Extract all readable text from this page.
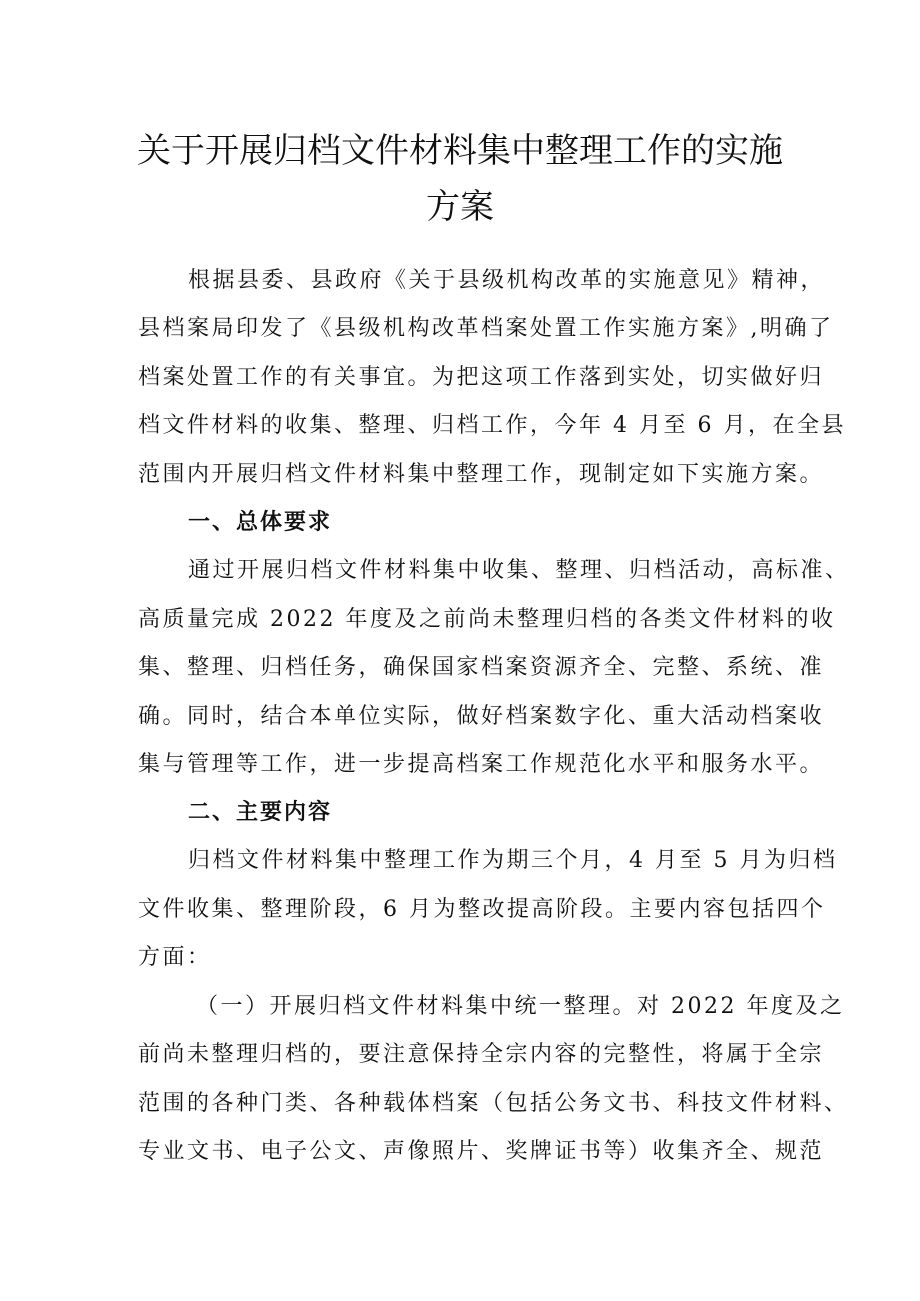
关于开展归档文件材料集中整理工作的实施
方案
根据县委、县政府《关于县级机构改革的实施意见》精神，
县档案局印发了《县级机构改革档案处置工作实施方案》,明确了
档案处置工作的有关事宜。为把这项工作落到实处，切实做好归
档文件材料的收集、整理、归档工作，今年 4 月至 6 月，在全县
范围内开展归档文件材料集中整理工作，现制定如下实施方案。
一、总体要求
通过开展归档文件材料集中收集、整理、归档活动，高标准、
高质量完成 2022 年度及之前尚未整理归档的各类文件材料的收
集、整理、归档任务，确保国家档案资源齐全、完整、系统、准
确。同时，结合本单位实际，做好档案数字化、重大活动档案收
集与管理等工作，进一步提高档案工作规范化水平和服务水平。
二、主要内容
归档文件材料集中整理工作为期三个月，4 月至 5 月为归档
文件收集、整理阶段，6 月为整改提高阶段。主要内容包括四个
方面：
（一）开展归档文件材料集中统一整理。对 2022 年度及之
前尚未整理归档的，要注意保持全宗内容的完整性，将属于全宗
范围的各种门类、各种载体档案（包括公务文书、科技文件材料、
专业文书、电子公文、声像照片、奖牌证书等）收集齐全、规范
